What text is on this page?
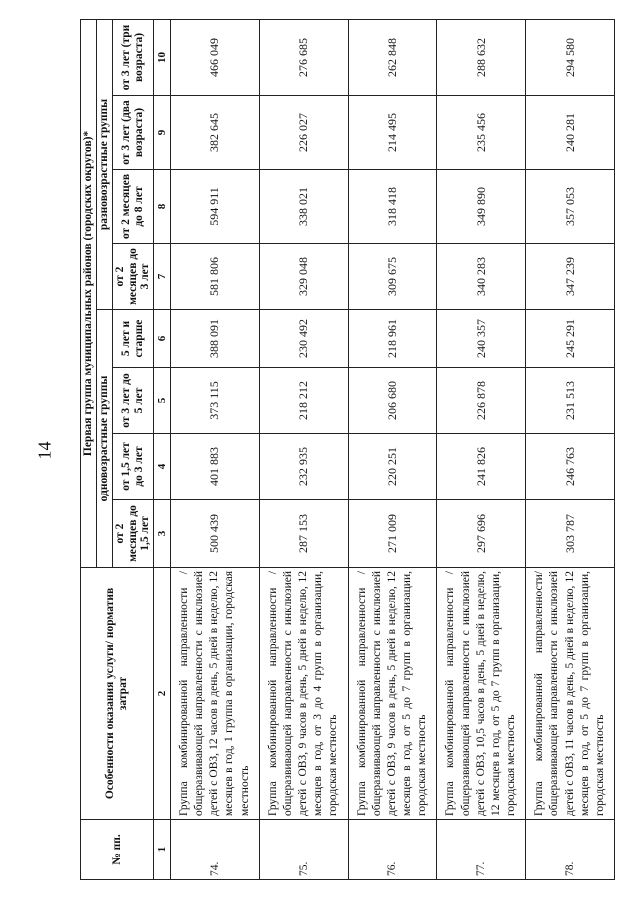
14
№ пп.	Особенности оказания услуги/ норматив затрат	Первая группа муниципальных районов (городских округов)*							
		одновозрастные группы				разновозрастные группы			
		от 2 месяцев до 1,5 лет	от 1,5 лет до 3 лет	от 3 лет до 5 лет	5 лет и старше	от 2 месяцев до 3 лет	от 2 месяцев до 8 лет	от 3 лет (два возраста)	от 3 лет (три возраста)
1	2	3	4	5	6	7	8	9	10
74.	Группа комбинированной направленности / общеразвивающей направленности с инклюзией детей с ОВЗ, 12 часов в день, 5 дней в неделю, 12 месяцев в год, 1 группа в организации, городская местность	500 439	401 883	373 115	388 091	581 806	594 911	382 645	466 049
75.	Группа комбинированной направленности / общеразвивающей направленности с инклюзией детей с ОВЗ, 9 часов в день, 5 дней в неделю, 12 месяцев в год, от 3 до 4 групп в организации, городская местность	287 153	232 935	218 212	230 492	329 048	338 021	226 027	276 685
76.	Группа комбинированной направленности / общеразвивающей направленности с инклюзией детей с ОВЗ, 9 часов в день, 5 дней в неделю, 12 месяцев в год, от 5 до 7 групп в организации, городская местность	271 009	220 251	206 680	218 961	309 675	318 418	214 495	262 848
77.	Группа комбинированной направленности / общеразвивающей направленности с инклюзией детей с ОВЗ, 10,5 часов в день, 5 дней в неделю, 12 месяцев в год, от 5 до 7 групп в организации, городская местность	297 696	241 826	226 878	240 357	340 283	349 890	235 456	288 632
78.	Группа комбинированной направленности/ общеразвивающей направленности с инклюзией детей с ОВЗ, 11 часов в день, 5 дней в неделю, 12 месяцев в год, от 5 до 7 групп в организации, городская местность	303 787	246 763	231 513	245 291	347 239	357 053	240 281	294 580
